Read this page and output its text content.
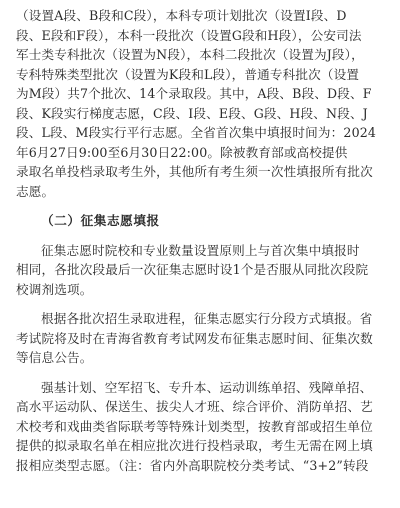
（设置A段、B段和C段），本科专项计划批次（设置I段、D
段、E段和F段），本科一段批次（设置G段和H段），公安司法
军士类专科批次（设置为N段），本科二段批次（设置为J段），
专科特殊类型批次（设置为K段和L段），普通专科批次（设置
为M段）共7个批次、14个录取段。其中，A段、B段、D段、F
段、K段实行梯度志愿，C段、I段、E段、G段、H段、N段、J
段、L段、M段实行平行志愿。全省首次集中填报时间为：2024
年6月27日9:00至6月30日22:00。除被教育部或高校提供
录取名单投档录取考生外，其他所有考生须一次性填报所有批次
志愿。
（二）征集志愿填报
征集志愿时院校和专业数量设置原则上与首次集中填报时
相同，各批次段最后一次征集志愿时设1个是否服从同批次段院
校调剂选项。
根据各批次招生录取进程，征集志愿实行分段方式填报。省
考试院将及时在青海省教育考试网发布征集志愿时间、征集次数
等信息公告。
强基计划、空军招飞、专升本、运动训练单招、残障单招、
高水平运动队、保送生、拔尖人才班、综合评价、消防单招、艺
术校考和戏曲类省际联考等特殊计划类型，按教育部或招生单位
提供的拟录取名单在相应批次进行投档录取，考生无需在网上填
报相应类型志愿。（注：省内外高职院校分类考试、“3+2”转段
